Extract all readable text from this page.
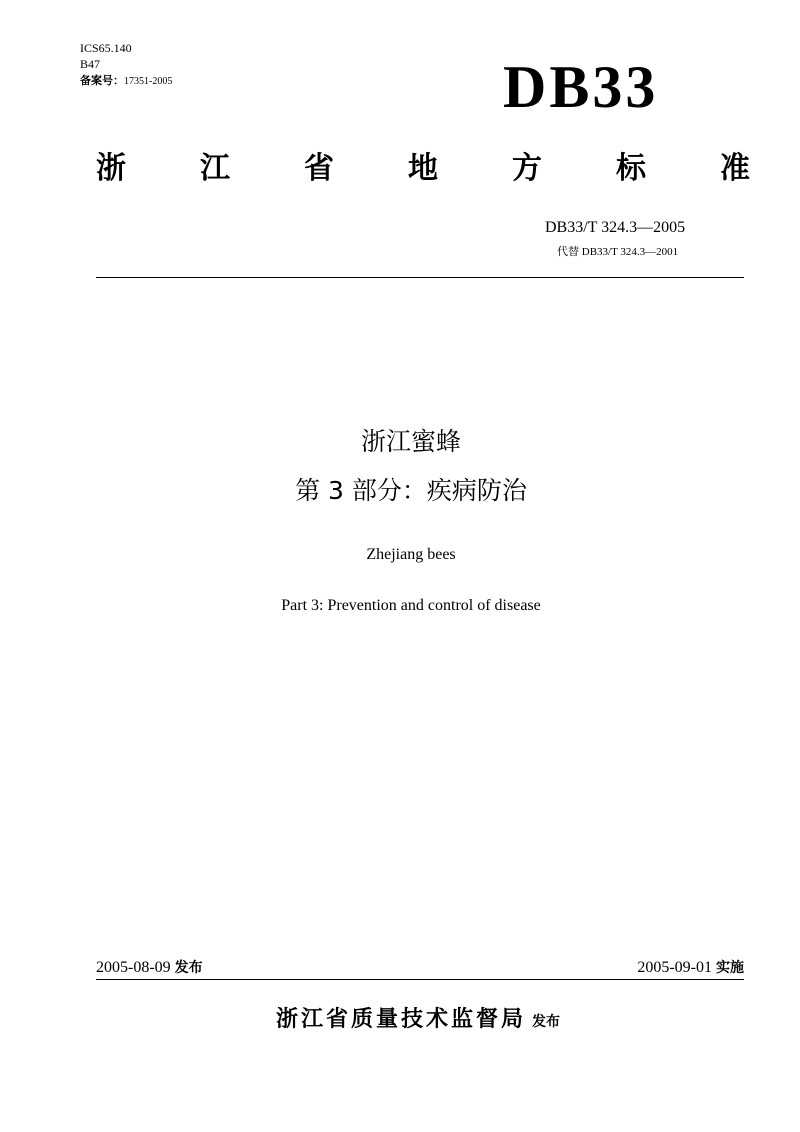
ICS65.140
B47
备案号：17351-2005	DB33
浙 江 省 地 方 标 准
DB33/T 324.3—2005
代替 DB33/T 324.3—2001
浙江蜜蜂
第 3 部分：疾病防治
Zhejiang bees
Part 3: Prevention and control of disease
2005-08-09 发布	2005-09-01 实施
浙江省质量技术监督局 发布
